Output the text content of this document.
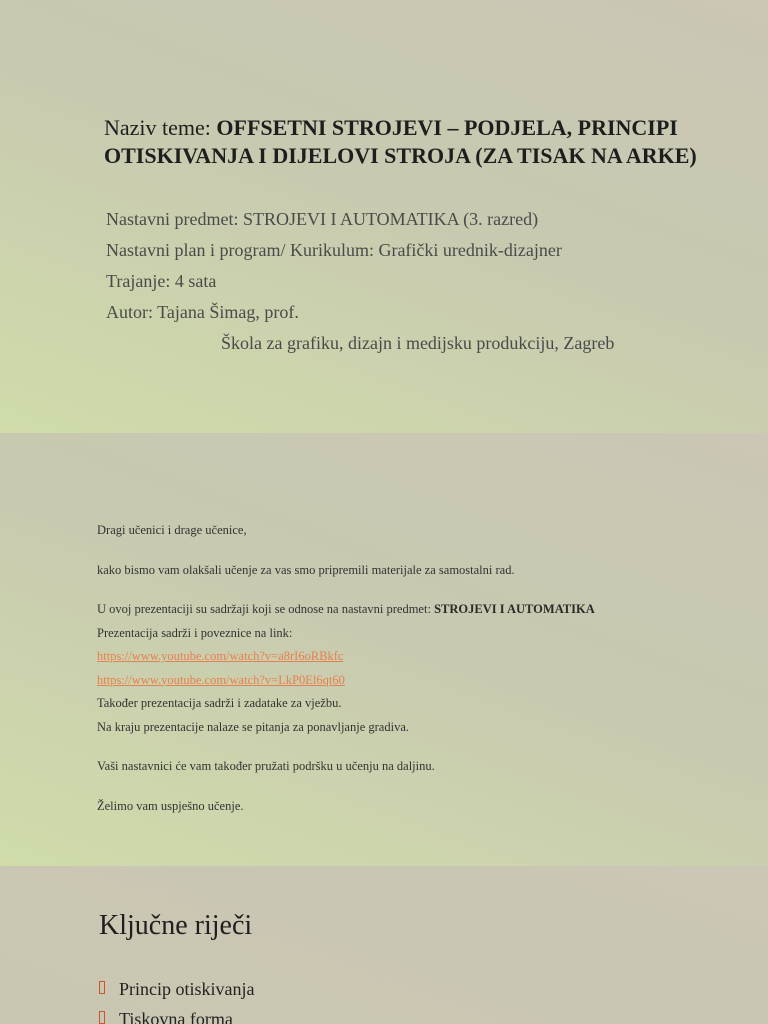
Naziv teme: OFFSETNI STROJEVI – PODJELA, PRINCIPI OTISKIVANJA I DIJELOVI STROJA (ZA TISAK NA ARKE)
Nastavni predmet: STROJEVI I AUTOMATIKA (3. razred)
Nastavni plan i program/ Kurikulum: Grafički urednik-dizajner
Trajanje: 4 sata
Autor: Tajana Šimag, prof.
Škola za grafiku, dizajn i medijsku produkciju, Zagreb
Dragi učenici i drage učenice,
kako bismo vam olakšali učenje za vas smo pripremili materijale za samostalni rad.
U ovoj prezentaciji su sadržaji koji se odnose na nastavni predmet: STROJEVI I AUTOMATIKA
Prezentacija sadrži i poveznice na link:
https://www.youtube.com/watch?v=a8rI6oRBkfc
https://www.youtube.com/watch?v=LkP0El6qt60
Također prezentacija sadrži i zadatake za vježbu.
Na kraju prezentacije nalaze se pitanja za ponavljanje gradiva.
Vaši nastavnici će vam također pružati podršku u učenju na daljinu.
Želimo vam uspješno učenje.
Ključne riječi
Princip otiskivanja
Tiskovna forma
